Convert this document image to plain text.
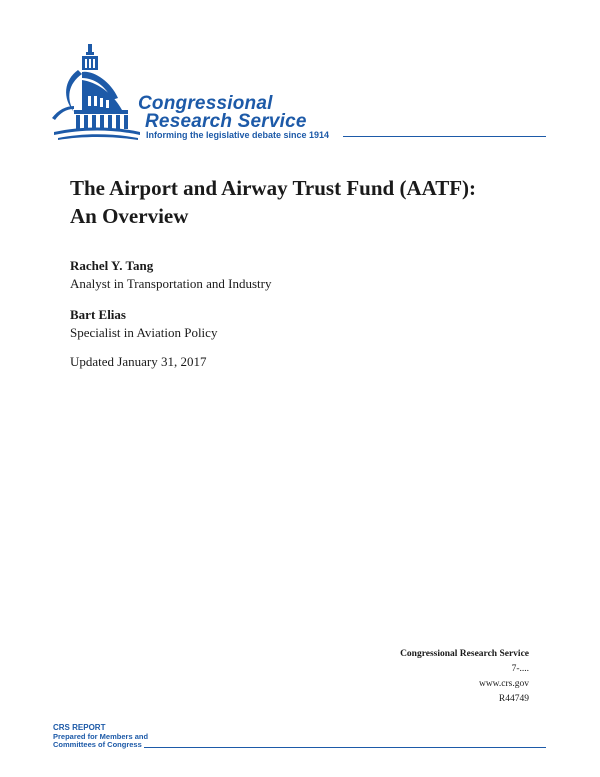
Congressional
Research Service
Informing the legislative debate since 1914
The Airport and Airway Trust Fund (AATF):
An Overview
Rachel Y. Tang
Analyst in Transportation and Industry
Bart Elias
Specialist in Aviation Policy
Updated January 31, 2017
Congressional Research Service
7-....
www.crs.gov
R44749
CRS REPORT
Prepared for Members and
Committees of Congress
